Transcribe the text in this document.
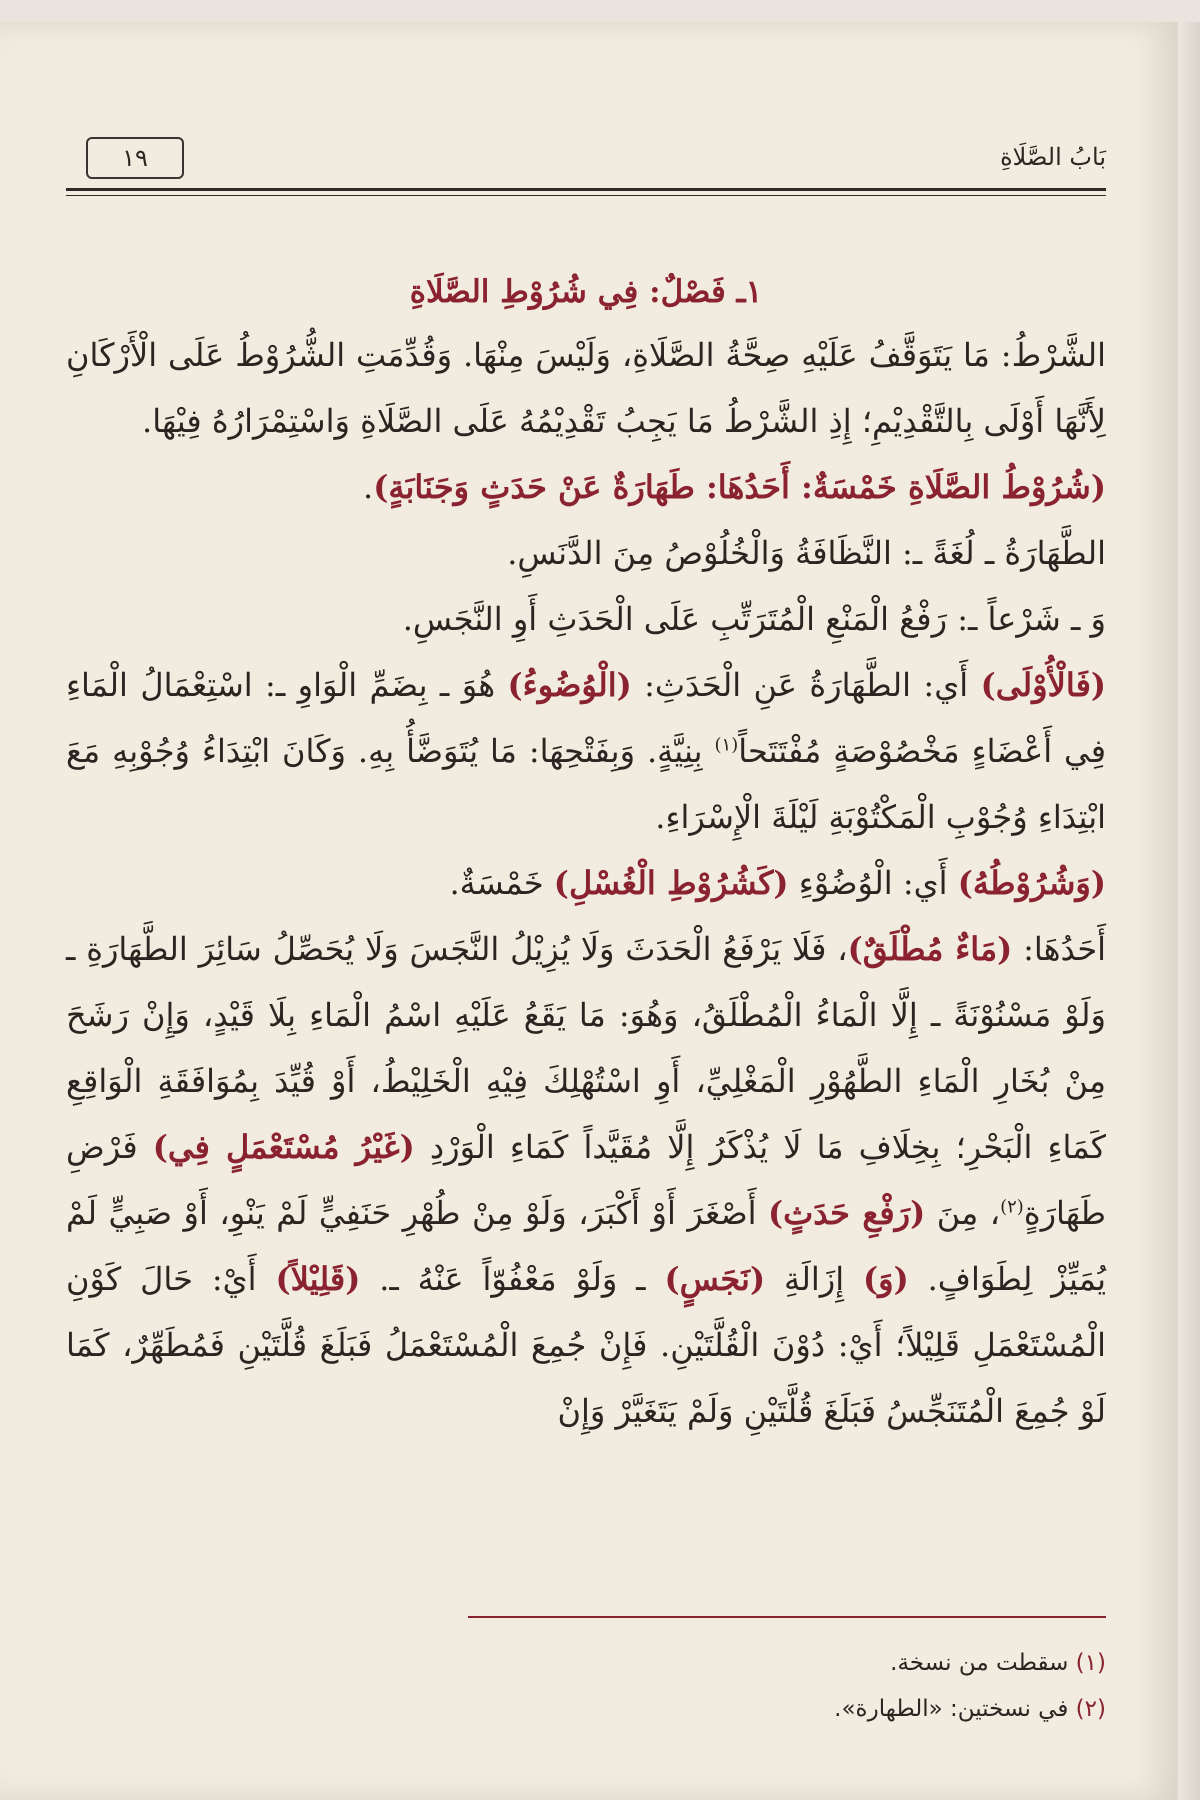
١٩	بَابُ الصَّلَاةِ
١ـ فَصْلٌ: فِي شُرُوْطِ الصَّلَاةِ

الشَّرْطُ: مَا يَتَوَقَّفُ عَلَيْهِ صِحَّةُ الصَّلَاةِ، وَلَيْسَ مِنْهَا. وَقُدِّمَتِ الشُّرُوْطُ عَلَى الْأَرْكَانِ لِأَنَّهَا أَوْلَى بِالتَّقْدِيْمِ؛ إِذِ الشَّرْطُ مَا يَجِبُ تَقْدِيْمُهُ عَلَى الصَّلَاةِ وَاسْتِمْرَارُهُ فِيْهَا.

(شُرُوْطُ الصَّلَاةِ خَمْسَةٌ: أَحَدُهَا: طَهَارَةٌ عَنْ حَدَثٍ وَجَنَابَةٍ).

الطَّهَارَةُ ـ لُغَةً ـ: النَّظَافَةُ وَالْخُلُوْصُ مِنَ الدَّنَسِ.

وَ ـ شَرْعاً ـ: رَفْعُ الْمَنْعِ الْمُتَرَتِّبِ عَلَى الْحَدَثِ أَوِ النَّجَسِ.

(فَالْأُوْلَى) أَي: الطَّهَارَةُ عَنِ الْحَدَثِ: (الْوُضُوءُ) هُوَ ـ بِضَمِّ الْوَاوِ ـ: اسْتِعْمَالُ الْمَاءِ فِي أَعْضَاءٍ مَخْصُوْصَةٍ مُفْتَتَحاً$^{(١)}$ بِنِيَّةٍ. وَبِفَتْحِهَا: مَا يُتَوَضَّأُ بِهِ. وَكَانَ ابْتِدَاءُ وُجُوْبِهِ مَعَ ابْتِدَاءِ وُجُوْبِ الْمَكْتُوْبَةِ لَيْلَةَ الْإِسْرَاءِ.

(وَشُرُوْطُهُ) أَي: الْوُضُوْءِ (كَشُرُوْطِ الْغُسْلِ) خَمْسَةٌ.

أَحَدُهَا: (مَاءٌ مُطْلَقٌ)، فَلَا يَرْفَعُ الْحَدَثَ وَلَا يُزِيْلُ النَّجَسَ وَلَا يُحَصِّلُ سَائِرَ الطَّهَارَةِ ـ وَلَوْ مَسْنُوْنَةً ـ إِلَّا الْمَاءُ الْمُطْلَقُ، وَهُوَ: مَا يَقَعُ عَلَيْهِ اسْمُ الْمَاءِ بِلَا قَيْدٍ، وَإِنْ رَشَحَ مِنْ بُخَارِ الْمَاءِ الطَّهُوْرِ الْمَغْلِيِّ، أَوِ اسْتُهْلِكَ فِيْهِ الْخَلِيْطُ، أَوْ قُيِّدَ بِمُوَافَقَةِ الْوَاقِعِ كَمَاءِ الْبَحْرِ؛ بِخِلَافِ مَا لَا يُذْكَرُ إِلَّا مُقَيَّداً كَمَاءِ الْوَرْدِ (غَيْرُ مُسْتَعْمَلٍ فِي) فَرْضِ طَهَارَةٍ$^{(٢)}$، مِنَ (رَفْعِ حَدَثٍ) أَصْغَرَ أَوْ أَكْبَرَ، وَلَوْ مِنْ طُهْرِ حَنَفِيٍّ لَمْ يَنْوِ، أَوْ صَبِيٍّ لَمْ يُمَيِّزْ لِطَوَافٍ. (وَ) إِزَالَةِ (نَجَسٍ) ـ وَلَوْ مَعْفُوّاً عَنْهُ ـ. (قَلِيْلاً) أَيْ: حَالَ كَوْنِ الْمُسْتَعْمَلِ قَلِيْلاً؛ أَيْ: دُوْنَ الْقُلَّتَيْنِ. فَإِنْ جُمِعَ الْمُسْتَعْمَلُ فَبَلَغَ قُلَّتَيْنِ فَمُطَهِّرٌ، كَمَا لَوْ جُمِعَ الْمُتَنَجِّسُ فَبَلَغَ قُلَّتَيْنِ وَلَمْ يَتَغَيَّرْ وَإِنْ

(١) سقطت من نسخة.
(٢) في نسختين: «الطهارة».
